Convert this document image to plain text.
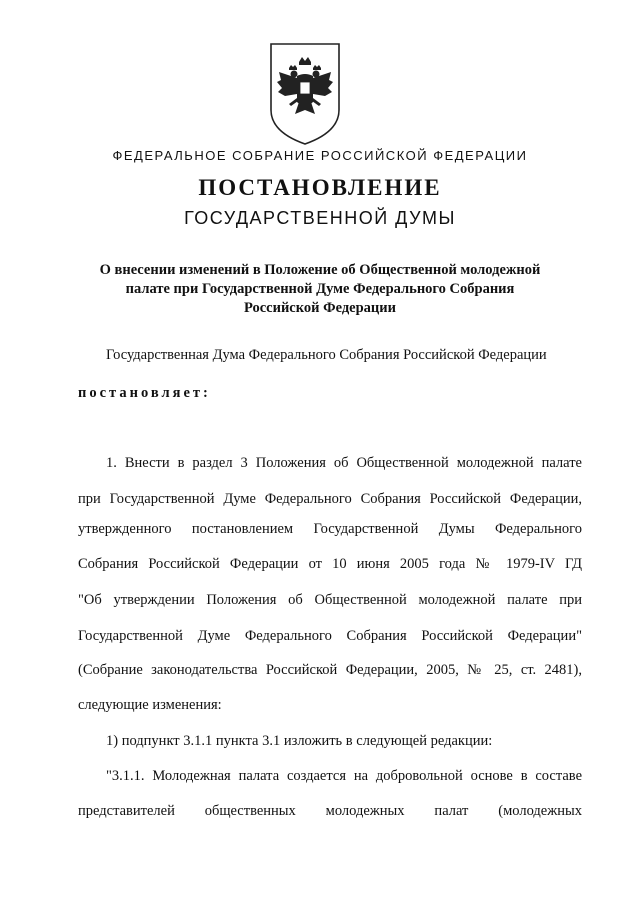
ФЕДЕРАЛЬНОЕ СОБРАНИЕ РОССИЙСКОЙ ФЕДЕРАЦИИ
ПОСТАНОВЛЕНИЕ
ГОСУДАРСТВЕННОЙ ДУМЫ
О внесении изменений в Положение об Общественной молодежной
палате при Государственной Думе Федерального Собрания
Российской Федерации
Государственная Дума Федерального Собрания Российской Федерации
постановляет:
1. Внести в раздел 3 Положения об Общественной молодежной палате
при Государственной Думе Федерального Собрания Российской Федерации,
утвержденного постановлением Государственной Думы Федерального
Собрания Российской Федерации от 10 июня 2005 года № 1979-IV ГД
"Об утверждении Положения об Общественной молодежной палате при
Государственной Думе Федерального Собрания Российской Федерации"
(Собрание законодательства Российской Федерации, 2005, № 25, ст. 2481),
следующие изменения:
1) подпункт 3.1.1 пункта 3.1 изложить в следующей редакции:
"3.1.1. Молодежная палата создается на добровольной основе в составе
представителей общественных молодежных палат (молодежных
